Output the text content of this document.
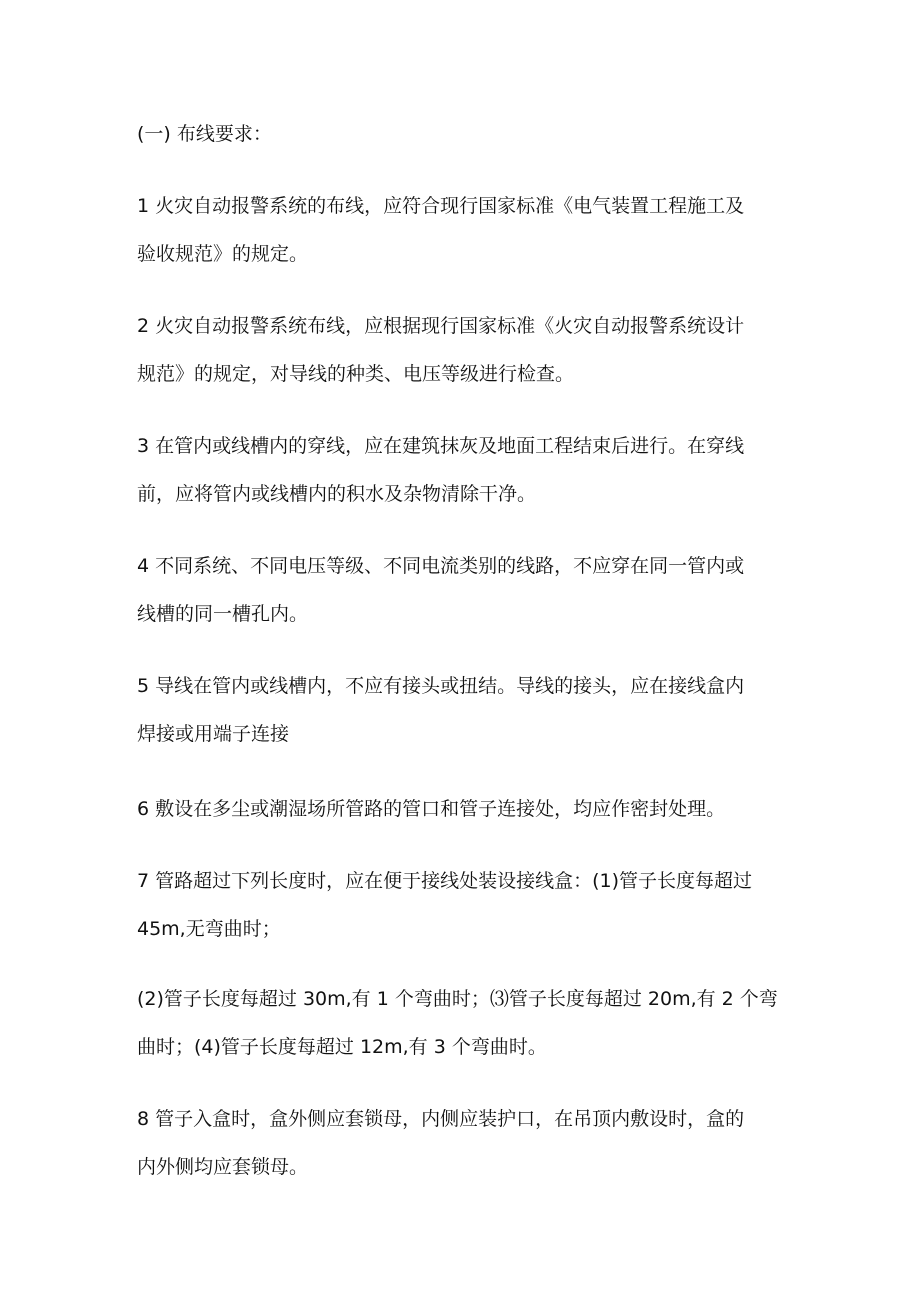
(一) 布线要求：
1 火灾自动报警系统的布线，应符合现行国家标准《电气装置工程施工及
验收规范》的规定。
2 火灾自动报警系统布线，应根据现行国家标准《火灾自动报警系统设计
规范》的规定，对导线的种类、电压等级进行检查。
3 在管内或线槽内的穿线，应在建筑抹灰及地面工程结束后进行。在穿线
前，应将管内或线槽内的积水及杂物清除干净。
4 不同系统、不同电压等级、不同电流类别的线路，不应穿在同一管内或
线槽的同一槽孔内。
5 导线在管内或线槽内，不应有接头或扭结。导线的接头，应在接线盒内
焊接或用端子连接
6 敷设在多尘或潮湿场所管路的管口和管子连接处，均应作密封处理。
7 管路超过下列长度时，应在便于接线处装设接线盒：(1)管子长度每超过
45m,无弯曲时；
(2)管子长度每超过 30m,有 1 个弯曲时；⑶管子长度每超过 20m,有 2 个弯
曲时；(4)管子长度每超过 12m,有 3 个弯曲时。
8 管子入盒时，盒外侧应套锁母，内侧应装护口，在吊顶内敷设时，盒的
内外侧均应套锁母。
